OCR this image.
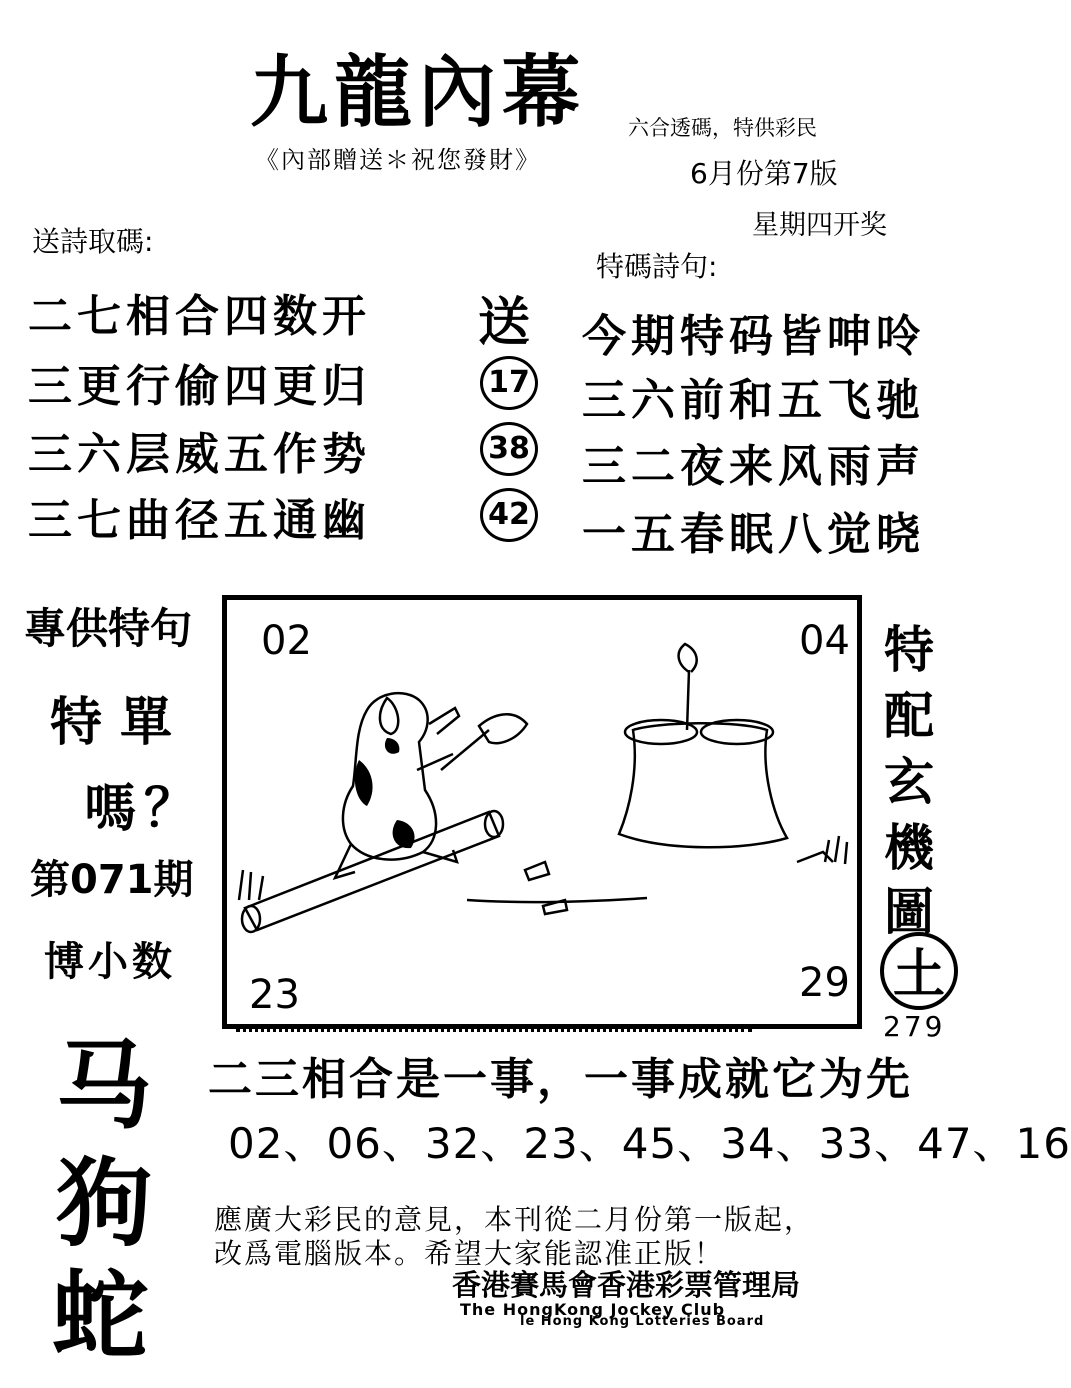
九龍內幕
《內部贈送＊祝您發財》
六合透碼，特供彩民
6月份第7版
星期四开奖
送詩取碼:
二七相合四数开
三更行偷四更归
三六层威五作势
三七曲径五通幽
送
17
38
42
特碼詩句:
今期特码皆呻呤
三六前和五飞驰
三二夜来风雨声
一五春眠八觉晓
專供特句
特單
嗎？
第071期
博小数
02	04
23	29
特
配
玄
機
圖
土
279
马
狗
蛇
二三相合是一事，一事成就它为先
02、06、32、23、45、34、33、47、16
應廣大彩民的意見，本刊從二月份第一版起，
改爲電腦版本。希望大家能認准正版！
香港賽馬會香港彩票管理局
The HongKong Jockey Club
le Hong Kong Lotteries Board
